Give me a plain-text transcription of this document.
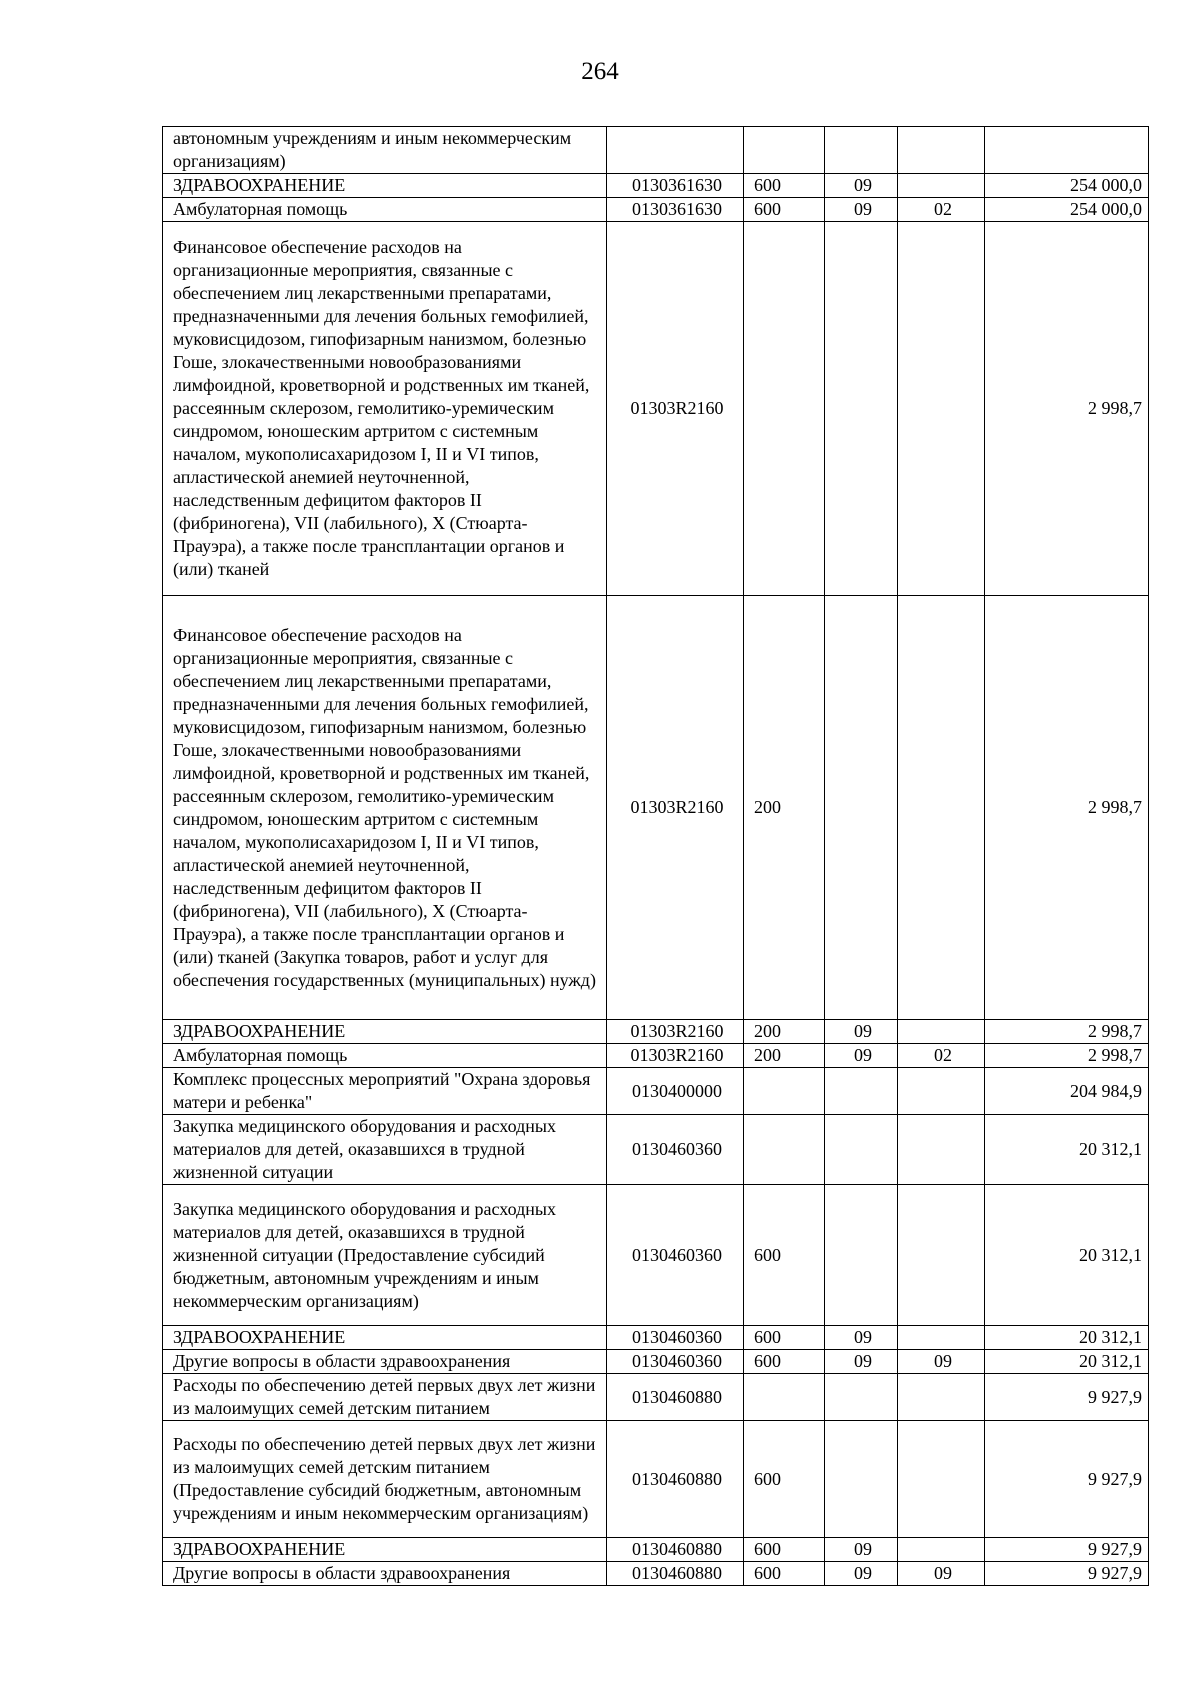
264
автономным учреждениям и иным некоммерческим организациям)					
ЗДРАВООХРАНЕНИЕ	0130361630	600	09		254 000,0
Амбулаторная помощь	0130361630	600	09	02	254 000,0
Финансовое обеспечение расходов на организационные мероприятия, связанные с обеспечением лиц лекарственными препаратами, предназначенными для лечения больных гемофилией, муковисцидозом, гипофизарным нанизмом, болезнью Гоше, злокачественными новообразованиями лимфоидной, кроветворной и родственных им тканей, рассеянным склерозом, гемолитико-уремическим синдромом, юношеским артритом с системным началом, мукополисахаридозом I, II и VI типов, апластической анемией неуточненной, наследственным дефицитом факторов II (фибриногена), VII (лабильного), X (Стюарта-Прауэра), а также после трансплантации органов и (или) тканей	01303R2160				2 998,7
Финансовое обеспечение расходов на организационные мероприятия, связанные с обеспечением лиц лекарственными препаратами, предназначенными для лечения больных гемофилией, муковисцидозом, гипофизарным нанизмом, болезнью Гоше, злокачественными новообразованиями лимфоидной, кроветворной и родственных им тканей, рассеянным склерозом, гемолитико-уремическим синдромом, юношеским артритом с системным началом, мукополисахаридозом I, II и VI типов, апластической анемией неуточненной, наследственным дефицитом факторов II (фибриногена), VII (лабильного), X (Стюарта-Прауэра), а также после трансплантации органов и (или) тканей (Закупка товаров, работ и услуг для обеспечения государственных (муниципальных) нужд)	01303R2160	200			2 998,7
ЗДРАВООХРАНЕНИЕ	01303R2160	200	09		2 998,7
Амбулаторная помощь	01303R2160	200	09	02	2 998,7
Комплекс процессных мероприятий "Охрана здоровья матери и ребенка"	0130400000				204 984,9
Закупка медицинского оборудования и расходных материалов для детей, оказавшихся в трудной жизненной ситуации	0130460360				20 312,1
Закупка медицинского оборудования и расходных материалов для детей, оказавшихся в трудной жизненной ситуации (Предоставление субсидий бюджетным, автономным учреждениям и иным некоммерческим организациям)	0130460360	600			20 312,1
ЗДРАВООХРАНЕНИЕ	0130460360	600	09		20 312,1
Другие вопросы в области здравоохранения	0130460360	600	09	09	20 312,1
Расходы по обеспечению детей первых двух лет жизни из малоимущих семей детским питанием	0130460880				9 927,9
Расходы по обеспечению детей первых двух лет жизни из малоимущих семей детским питанием (Предоставление субсидий бюджетным, автономным учреждениям и иным некоммерческим организациям)	0130460880	600			9 927,9
ЗДРАВООХРАНЕНИЕ	0130460880	600	09		9 927,9
Другие вопросы в области здравоохранения	0130460880	600	09	09	9 927,9
